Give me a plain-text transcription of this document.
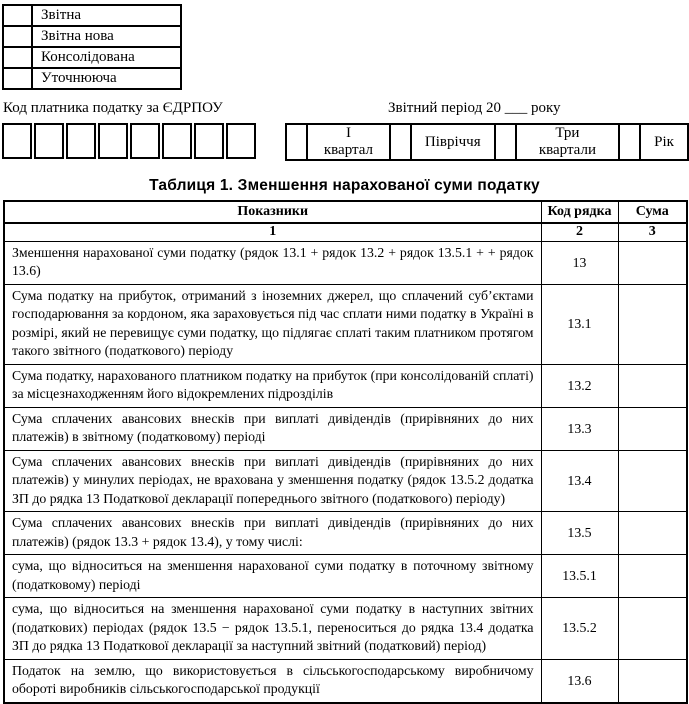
	Звітна
	Звітна нова
	Консолідована
	Уточнююча
Код платника податку за ЄДРПОУ	Звітний період 20 ___ року
	І квартал		Півріччя		Три квартали		Рік
Таблиця 1. Зменшення нарахованої суми податку
Показники	Код рядка	Сума
1	2	3
Зменшення нарахованої суми податку (рядок 13.1 + рядок 13.2 + рядок 13.5.1 + + рядок 13.6)	13	
Сума податку на прибуток, отриманий з іноземних джерел, що сплачений суб’єктами господарювання за кордоном, яка зараховується під час сплати ними податку в Україні в розмірі, який не перевищує суми податку, що підлягає сплаті таким платником протягом такого звітного (податкового) періоду	13.1	
Сума податку, нарахованого платником податку на прибуток (при консолідованій сплаті) за місцезнаходженням його відокремлених підрозділів	13.2	
Сума сплачених авансових внесків при виплаті дивідендів (прирівняних до них платежів) в звітному (податковому) періоді	13.3	
Сума сплачених авансових внесків при виплаті дивідендів (прирівняних до них платежів) у минулих періодах, не врахована у зменшення податку (рядок 13.5.2 додатка ЗП до рядка 13 Податкової декларації попереднього звітного (податкового) періоду)	13.4	
Сума сплачених авансових внесків при виплаті дивідендів (прирівняних до них платежів) (рядок 13.3 + рядок 13.4), у тому числі:	13.5	
сума, що відноситься на зменшення нарахованої суми податку в поточному звітному (податковому) періоді	13.5.1	
сума, що відноситься на зменшення нарахованої суми податку в наступних звітних (податкових) періодах (рядок 13.5 − рядок 13.5.1, переноситься до рядка 13.4 додатка ЗП до рядка 13 Податкової декларації за наступний звітний (податковий) період)	13.5.2	
Податок на землю, що використовується в сільськогосподарському виробничому обороті виробників сільськогосподарської продукції	13.6	
